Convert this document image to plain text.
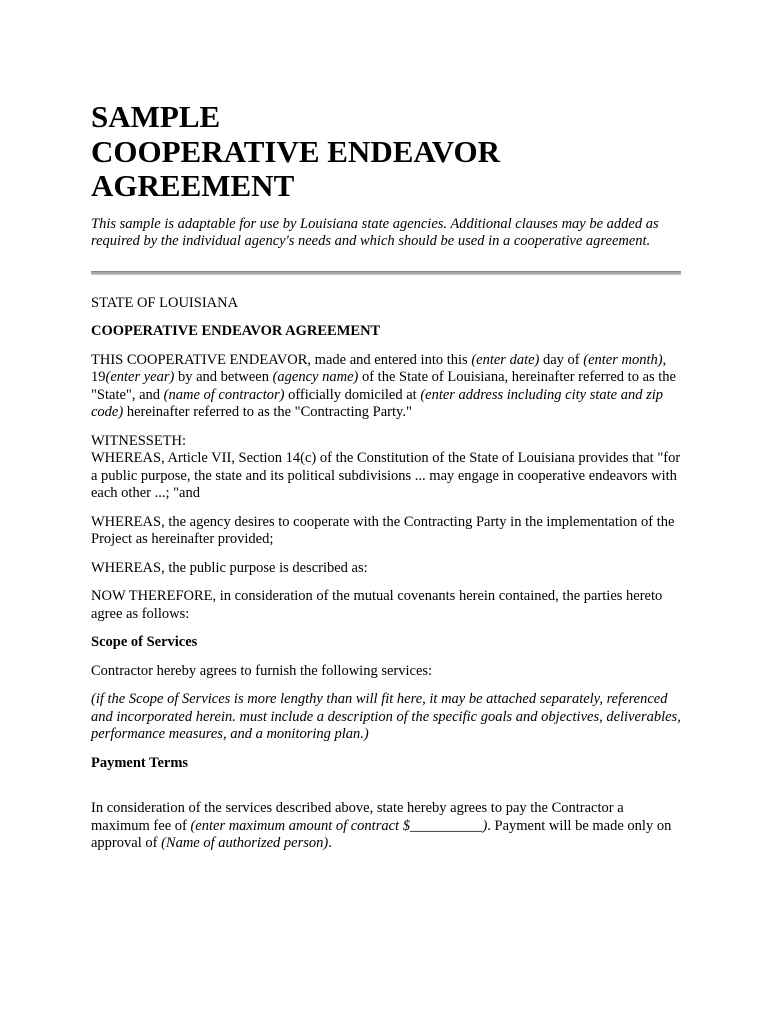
SAMPLE
COOPERATIVE ENDEAVOR
AGREEMENT

This sample is adaptable for use by Louisiana state agencies. Additional clauses may be added as required by the individual agency's needs and which should be used in a cooperative agreement.

STATE OF LOUISIANA

COOPERATIVE ENDEAVOR AGREEMENT

THIS COOPERATIVE ENDEAVOR, made and entered into this (enter date) day of (enter month), 19(enter year) by and between (agency name) of the State of Louisiana, hereinafter referred to as the "State", and (name of contractor) officially domiciled at (enter address including city state and zip code) hereinafter referred to as the "Contracting Party."

WITNESSETH:

WHEREAS, Article VII, Section 14(c) of the Constitution of the State of Louisiana provides that "for a public purpose, the state and its political subdivisions ... may engage in cooperative endeavors with each other ...; "and

WHEREAS, the agency desires to cooperate with the Contracting Party in the implementation of the Project as hereinafter provided;

WHEREAS, the public purpose is described as:

NOW THEREFORE, in consideration of the mutual covenants herein contained, the parties hereto agree as follows:

Scope of Services

Contractor hereby agrees to furnish the following services:

(if the Scope of Services is more lengthy than will fit here, it may be attached separately, referenced and incorporated herein. must include a description of the specific goals and objectives, deliverables, performance measures, and a monitoring plan.)

Payment Terms

In consideration of the services described above, state hereby agrees to pay the Contractor a maximum fee of (enter maximum amount of contract $__________). Payment will be made only on approval of (Name of authorized person).
